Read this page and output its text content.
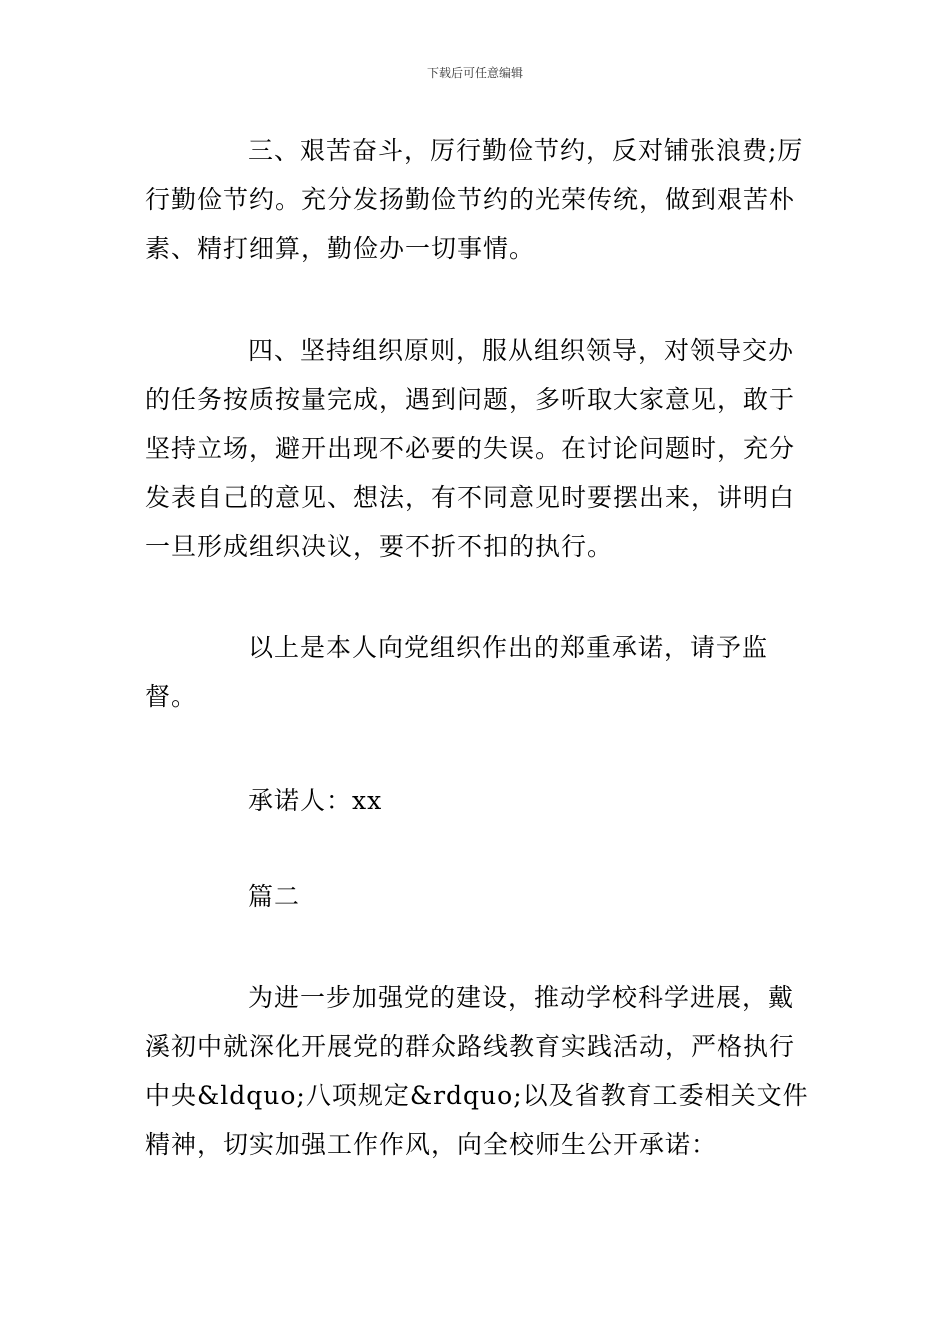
下载后可任意编辑

三、艰苦奋斗，厉行勤俭节约，反对铺张浪费;厉行勤俭节约。充分发扬勤俭节约的光荣传统，做到艰苦朴素、精打细算，勤俭办一切事情。

四、坚持组织原则，服从组织领导，对领导交办的任务按质按量完成，遇到问题，多听取大家意见，敢于坚持立场，避开出现不必要的失误。在讨论问题时，充分发表自己的意见、想法，有不同意见时要摆出来，讲明白一旦形成组织决议，要不折不扣的执行。

以上是本人向党组织作出的郑重承诺，请予监督。

承诺人：xx

篇二

为进一步加强党的建设，推动学校科学进展，戴溪初中就深化开展党的群众路线教育实践活动，严格执行中央&ldquo;八项规定&rdquo;以及省教育工委相关文件精神，切实加强工作作风，向全校师生公开承诺：
